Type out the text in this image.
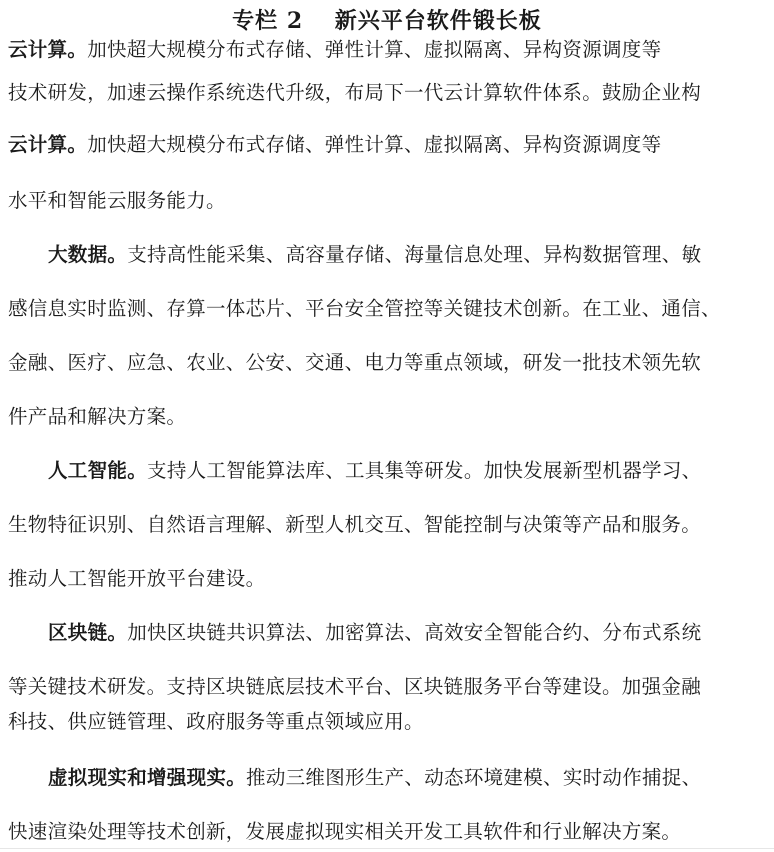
专栏 2　 新兴平台软件锻长板
云计算。加快超大规模分布式存储、弹性计算、虚拟隔离、异构资源调度等
技术研发，加速云操作系统迭代升级，布局下一代云计算软件体系。鼓励企业构
云计算。加快超大规模分布式存储、弹性计算、虚拟隔离、异构资源调度等
水平和智能云服务能力。
大数据。支持高性能采集、高容量存储、海量信息处理、异构数据管理、敏
感信息实时监测、存算一体芯片、平台安全管控等关键技术创新。在工业、通信、
金融、医疗、应急、农业、公安、交通、电力等重点领域，研发一批技术领先软
件产品和解决方案。
人工智能。支持人工智能算法库、工具集等研发。加快发展新型机器学习、
生物特征识别、自然语言理解、新型人机交互、智能控制与决策等产品和服务。
推动人工智能开放平台建设。
区块链。加快区块链共识算法、加密算法、高效安全智能合约、分布式系统
等关键技术研发。支持区块链底层技术平台、区块链服务平台等建设。加强金融
科技、供应链管理、政府服务等重点领域应用。
虚拟现实和增强现实。推动三维图形生产、动态环境建模、实时动作捕捉、
快速渲染处理等技术创新，发展虚拟现实相关开发工具软件和行业解决方案。
